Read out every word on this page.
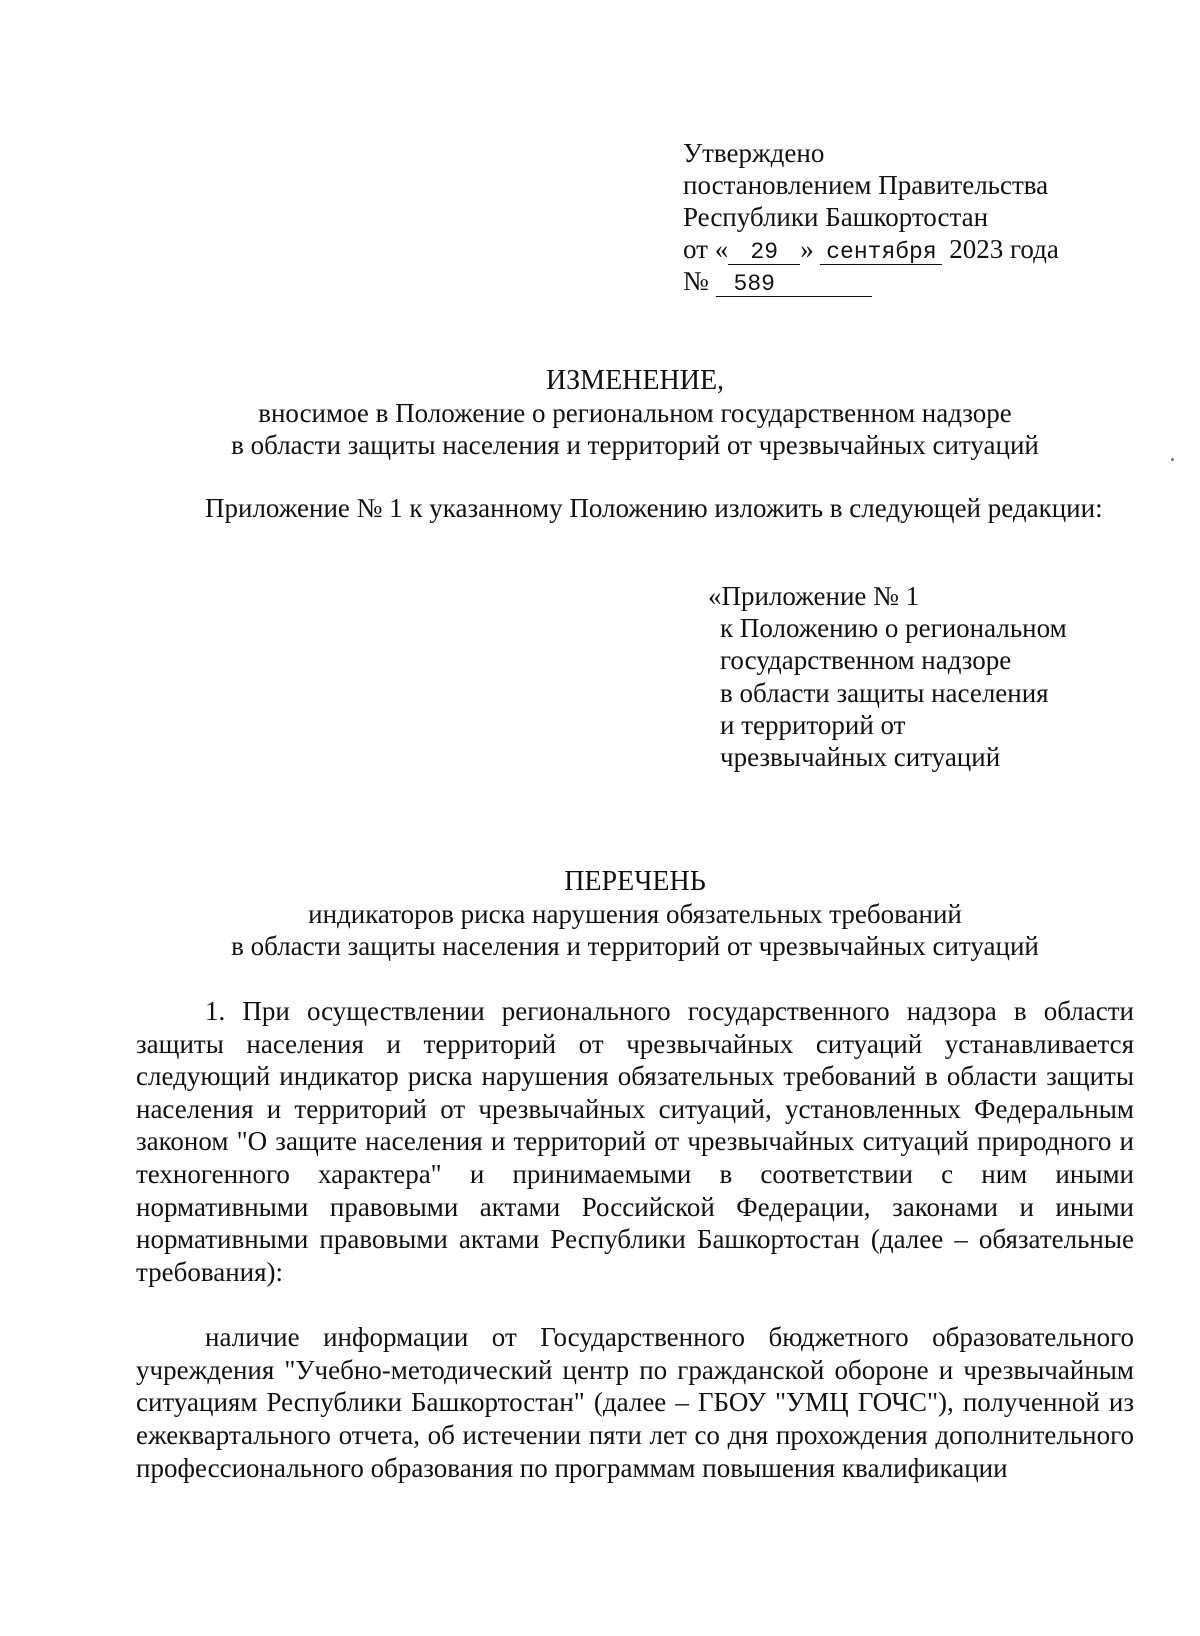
Утверждено
постановлением Правительства
Республики Башкортостан
от « 29 » сентября 2023 года
№ 589
ИЗМЕНЕНИЕ,
вносимое в Положение о региональном государственном надзоре
в области защиты населения и территорий от чрезвычайных ситуаций
Приложение № 1 к указанному Положению изложить в следующей редакции:
«Приложение № 1
к Положению о региональном
государственном надзоре
в области защиты населения
и территорий от
чрезвычайных ситуаций
ПЕРЕЧЕНЬ
индикаторов риска нарушения обязательных требований
в области защиты населения и территорий от чрезвычайных ситуаций
1. При осуществлении регионального государственного надзора в области защиты населения и территорий от чрезвычайных ситуаций устанавливается следующий индикатор риска нарушения обязательных требований в области защиты населения и территорий от чрезвычайных ситуаций, установленных Федеральным законом "О защите населения и территорий от чрезвычайных ситуаций природного и техногенного характера" и принимаемыми в соответствии с ним иными нормативными правовыми актами Российской Федерации, законами и иными нормативными правовыми актами Республики Башкортостан (далее – обязательные требования):
наличие информации от Государственного бюджетного образовательного учреждения "Учебно-методический центр по гражданской обороне и чрезвычайным ситуациям Республики Башкортостан" (далее – ГБОУ "УМЦ ГОЧС"), полученной из ежеквартального отчета, об истечении пяти лет со дня прохождения дополнительного профессионального образования по программам повышения квалификации
